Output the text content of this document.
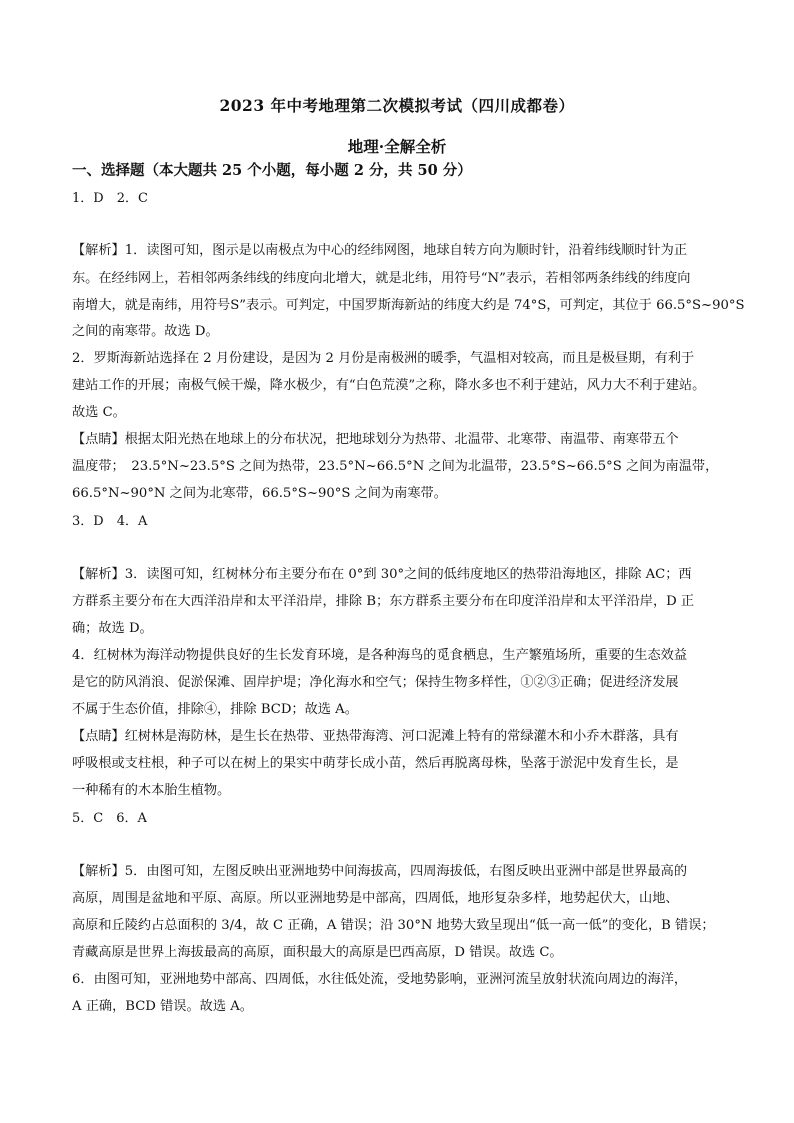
2023 年中考地理第二次模拟考试（四川成都卷）
地理·全解全析
一、选择题（本大题共 25 个小题，每小题 2 分，共 50 分）
1．D　2．C
【解析】1．读图可知，图示是以南极点为中心的经纬网图，地球自转方向为顺时针，沿着纬线顺时针为正
东。在经纬网上，若相邻两条纬线的纬度向北增大，就是北纬，用符号“N”表示，若相邻两条纬线的纬度向
南增大，就是南纬，用符号S”表示。可判定，中国罗斯海新站的纬度大约是 74°S，可判定，其位于 66.5°S~90°S
之间的南寒带。故选 D。
2．罗斯海新站选择在 2 月份建设，是因为 2 月份是南极洲的暖季，气温相对较高，而且是极昼期，有利于
建站工作的开展；南极气候干燥，降水极少，有“白色荒漠”之称，降水多也不利于建站，风力大不利于建站。
故选 C。
【点睛】根据太阳光热在地球上的分布状况，把地球划分为热带、北温带、北寒带、南温带、南寒带五个
温度带；　23.5°N~23.5°S 之间为热带，23.5°N~66.5°N 之间为北温带，23.5°S~66.5°S 之间为南温带，
66.5°N~90°N 之间为北寒带，66.5°S~90°S 之间为南寒带。
3．D　4．A
【解析】3．读图可知，红树林分布主要分布在 0°到 30°之间的低纬度地区的热带沿海地区，排除 AC；西
方群系主要分布在大西洋沿岸和太平洋沿岸，排除 B；东方群系主要分布在印度洋沿岸和太平洋沿岸，D 正
确；故选 D。
4．红树林为海洋动物提供良好的生长发育环境，是各种海鸟的觅食栖息，生产繁殖场所，重要的生态效益
是它的防风消浪、促淤保滩、固岸护堤；净化海水和空气；保持生物多样性，①②③正确；促进经济发展
不属于生态价值，排除④，排除 BCD；故选 A。
【点睛】红树林是海防林，是生长在热带、亚热带海湾、河口泥滩上特有的常绿灌木和小乔木群落，具有
呼吸根或支柱根，种子可以在树上的果实中萌芽长成小苗，然后再脱离母株，坠落于淤泥中发育生长，是
一种稀有的木本胎生植物。
5．C　6．A
【解析】5．由图可知，左图反映出亚洲地势中间海拔高，四周海拔低，右图反映出亚洲中部是世界最高的
高原，周围是盆地和平原、高原。所以亚洲地势是中部高，四周低，地形复杂多样，地势起伏大，山地、
高原和丘陵约占总面积的 3/4，故 C 正确，A 错误；沿 30°N 地势大致呈现出“低一高一低”的变化，B 错误；
青藏高原是世界上海拔最高的高原，面积最大的高原是巴西高原，D 错误。故选 C。
6．由图可知，亚洲地势中部高、四周低，水往低处流，受地势影响，亚洲河流呈放射状流向周边的海洋，
A 正确，BCD 错误。故选 A。
